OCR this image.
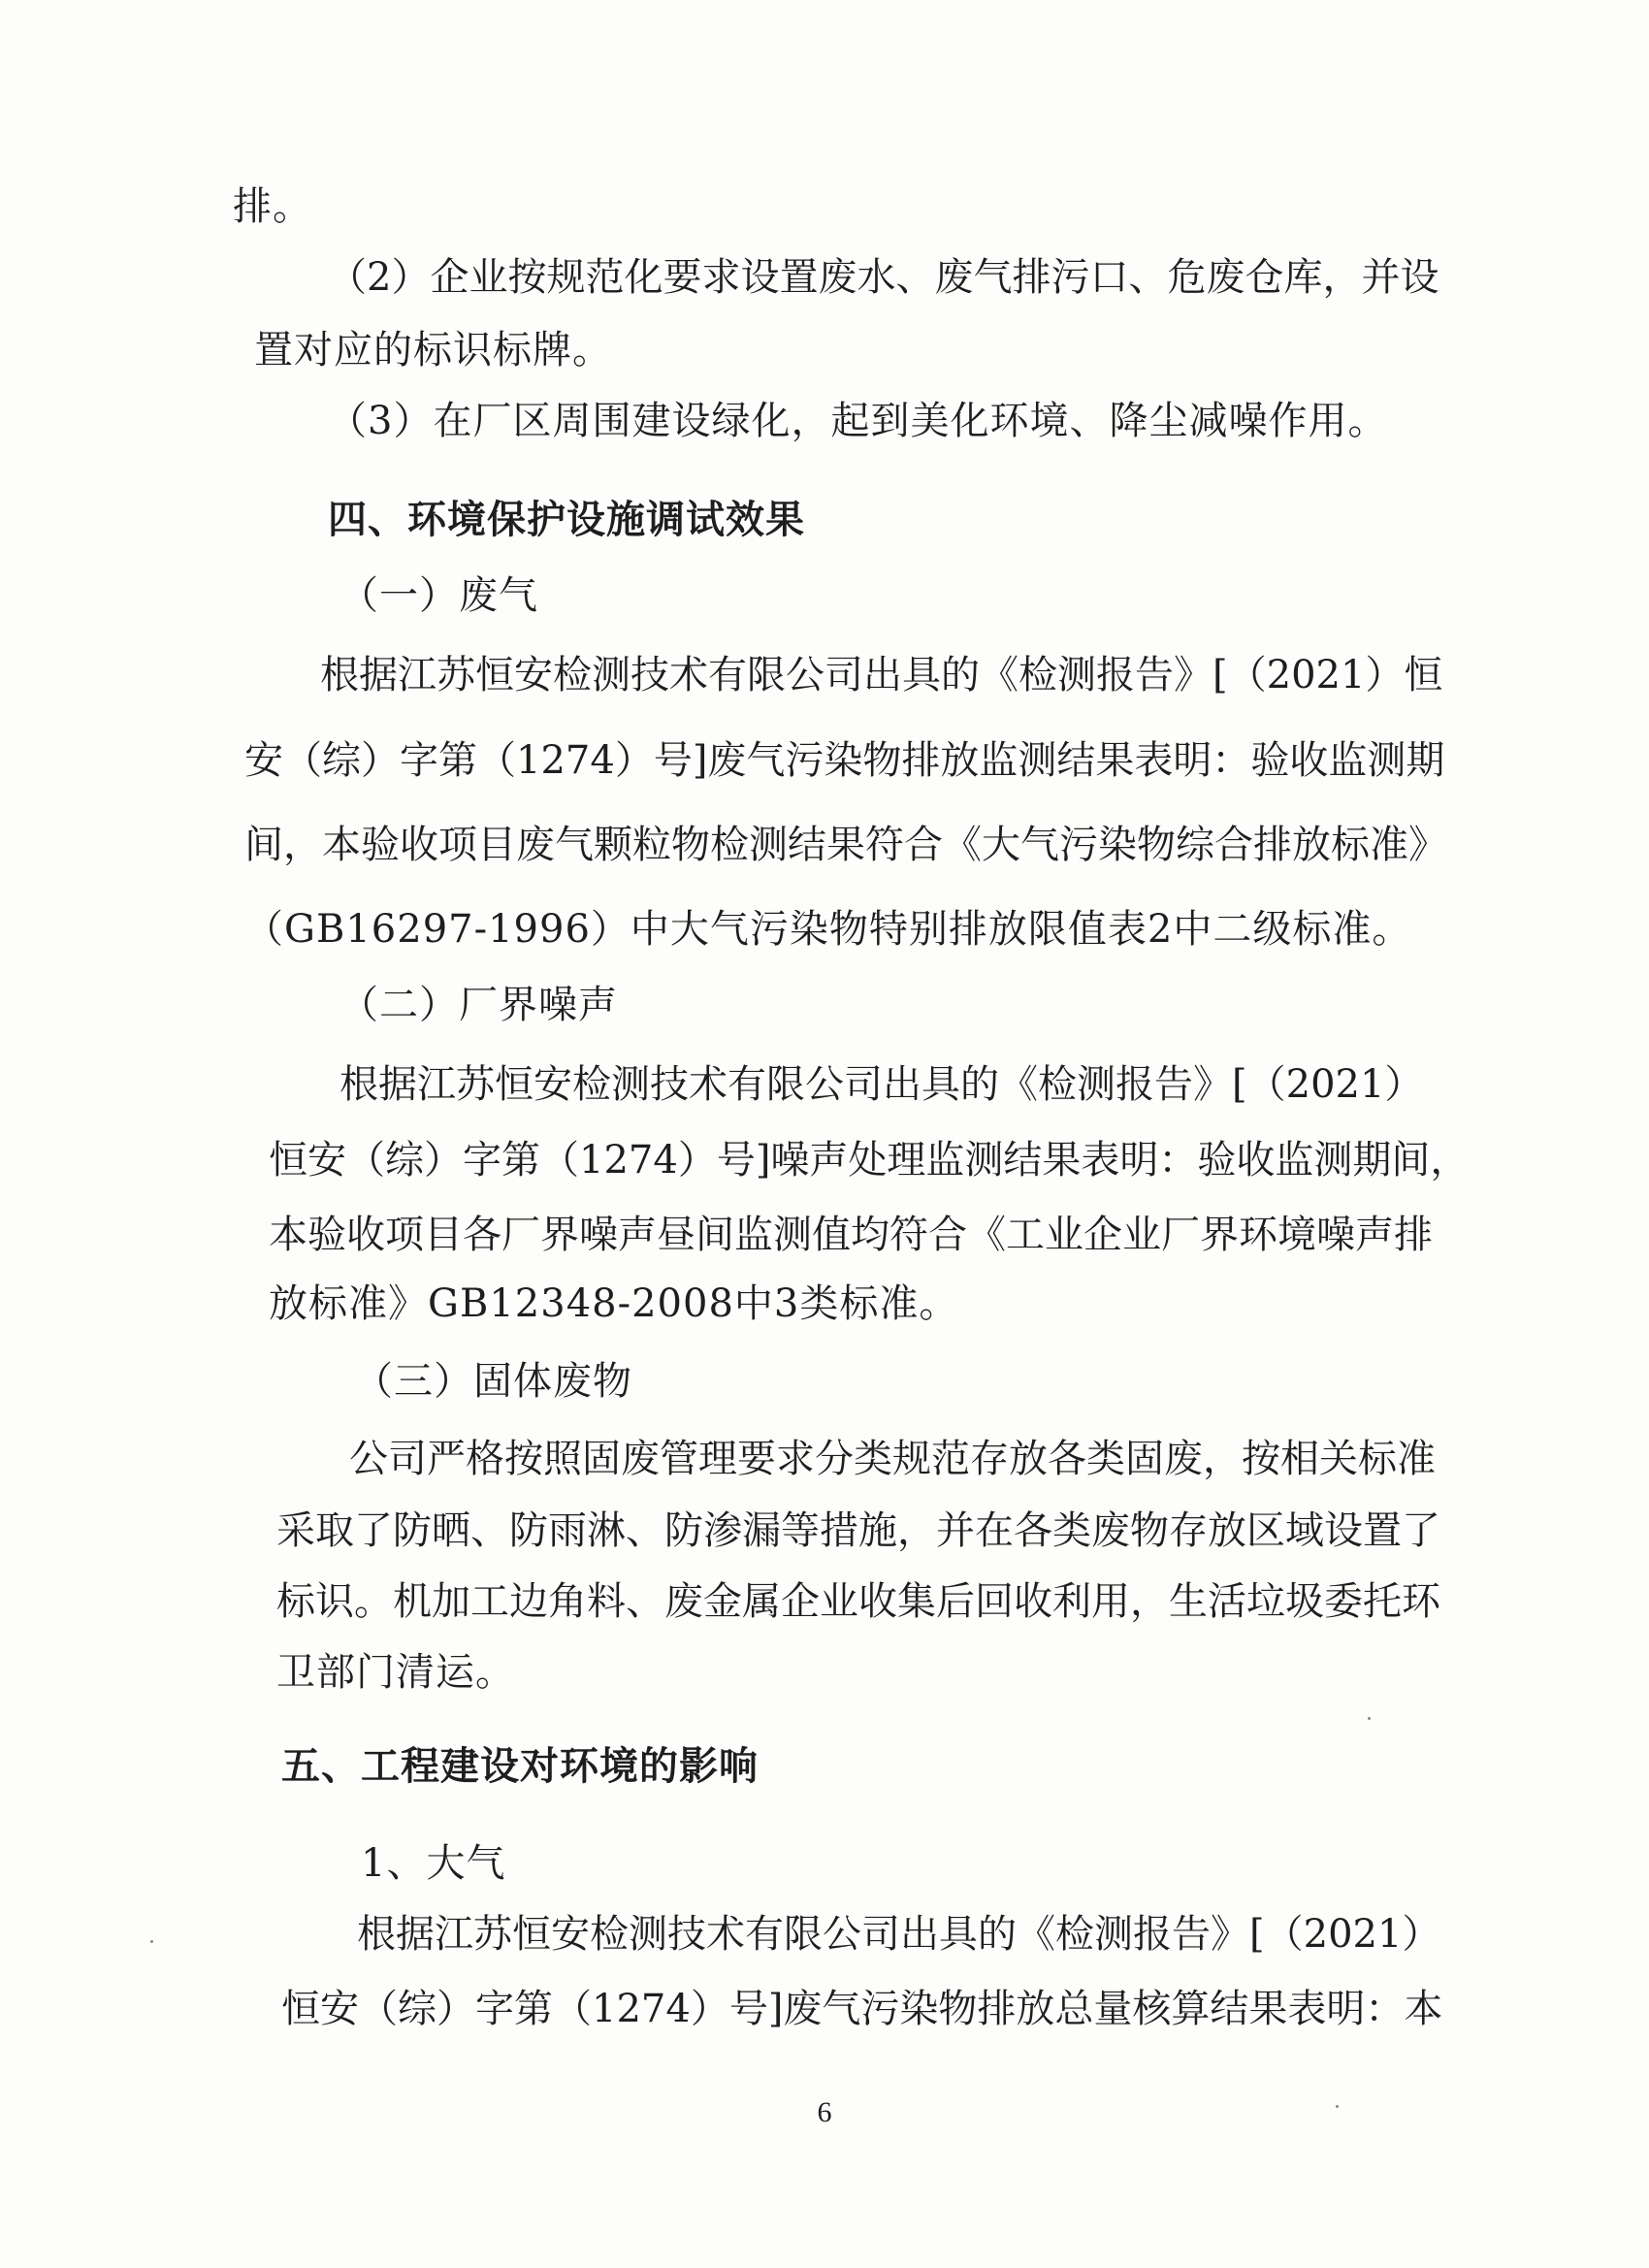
排。
（ 2 ） 企 业 按 规 范 化 要 求 设 置 废 水 、 废 气 排 污 口 、 危 废 仓 库 ， 并 设
置对应的标识标牌。
（3）在厂区周围建设绿化，起到美化环境、降尘减噪作用。
四、环境保护设施调试效果
（一）废气
根 据 江 苏 恒 安 检 测 技 术 有 限 公 司 出 具 的 《 检 测 报 告 》 [ （ 2 0 2 1 ） 恒
安 （ 综 ） 字 第 （ 1 2 7 4 ） 号 ] 废 气 污 染 物 排 放 监 测 结 果 表 明 ： 验 收 监 测 期
间 ， 本 验 收 项 目 废 气 颗 粒 物 检 测 结 果 符 合 《 大 气 污 染 物 综 合 排 放 标 准 》
（GB16297-1996）中大气污染物特别排放限值表2中二级标准。
（二）厂界噪声
根 据 江 苏 恒 安 检 测 技 术 有 限 公 司 出 具 的 《 检 测 报 告 》 [ （ 2 0 2 1 ）
恒 安 （ 综 ） 字 第 （ 1 2 7 4 ） 号 ] 噪 声 处 理 监 测 结 果 表 明 ： 验 收 监 测 期 间 ，
本 验 收 项 目 各 厂 界 噪 声 昼 间 监 测 值 均 符 合 《 工 业 企 业 厂 界 环 境 噪 声 排
放标准》GB12348-2008中3类标准。
（三）固体废物
公 司 严 格 按 照 固 废 管 理 要 求 分 类 规 范 存 放 各 类 固 废 ， 按 相 关 标 准
采 取 了 防 晒 、 防 雨 淋 、 防 渗 漏 等 措 施 ， 并 在 各 类 废 物 存 放 区 域 设 置 了
标 识 。 机 加 工 边 角 料 、 废 金 属 企 业 收 集 后 回 收 利 用 ， 生 活 垃 圾 委 托 环
卫部门清运。
五、工程建设对环境的影响
1、大气
根 据 江 苏 恒 安 检 测 技 术 有 限 公 司 出 具 的 《 检 测 报 告 》 [ （ 2 0 2 1 ）
恒 安 （ 综 ） 字 第 （ 1 2 7 4 ） 号 ] 废 气 污 染 物 排 放 总 量 核 算 结 果 表 明 ： 本
6
